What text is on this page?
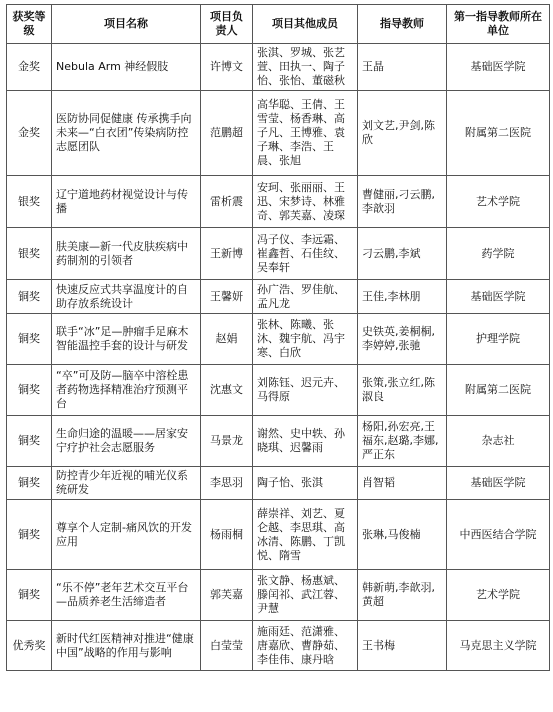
获奖等级	项目名称	项目负责人	项目其他成员	指导教师	第一指导教师所在单位
金奖	Nebula Arm 神经假肢	许博文	张淇、罗城、张艺萱、田执一、陶子怡、张怡、董磁秋	王晶	基础医学院
金奖	医防协同促健康 传承携手向未来—“白衣团”传染病防控志愿团队	范鹏超	高华聪、王倩、王雪莹、杨香琳、高子凡、王博雅、袁子琳、李浩、王晨、张旭	刘文艺,尹剑,陈欣	附属第二医院
银奖	辽宁道地药材视觉设计与传播	雷析震	安珂、张丽丽、王迅、宋梦诗、林雅奇、郭芙嘉、凌琛	曹健丽,刁云鹏,李歆羽	艺术学院
银奖	肤美康—新一代皮肤疾病中药制剂的引领者	王新博	冯子仪、李远霜、崔鑫哲、石佳纹、吴奉轩	刁云鹏,李斌	药学院
铜奖	快速反应式共享温度计的自助存放系统设计	王馨妍	孙广浩、罗佳航、孟凡龙	王佳,李林朋	基础医学院
铜奖	联手“冰”足—肿瘤手足麻木智能温控手套的设计与研发	赵娟	张林、陈曦、张沐、魏宇航、冯宇寒、白欣	史铁英,姜桐桐,李婷婷,张驰	护理学院
铜奖	“卒”可及防—脑卒中溶栓患者药物选择精准治疗预测平台	沈惠文	刘陈钰、迟元卉、马得原	张策,张立红,陈淑良	附属第二医院
铜奖	生命归途的温暖——居家安宁疗护社会志愿服务	马景龙	谢然、史中轶、孙晓琪、迟馨雨	杨阳,孙宏亮,王福东,赵璐,李娜,严正东	杂志社
铜奖	防控青少年近视的哺光仪系统研发	李思羽	陶子怡、张淇	肖智韬	基础医学院
铜奖	尊享个人定制-痛风饮的开发应用	杨雨桐	薛崇祥、刘艺、夏仑越、李思琪、高冰清、陈鹏、丁凯悦、隋雪	张琳,马俊楠	中西医结合学院
铜奖	“乐不停”老年艺术交互平台—品质养老生活缔造者	郭芙嘉	张文静、杨惠斌、滕闰祁、武江蓉、尹慧	韩新萌,李歆羽,黄超	艺术学院
优秀奖	新时代红医精神对推进“健康中国”战略的作用与影响	白莹莹	施雨廷、范潇雅、唐嘉欣、曹静茹、李佳伟、康丹晗	王书梅	马克思主义学院
